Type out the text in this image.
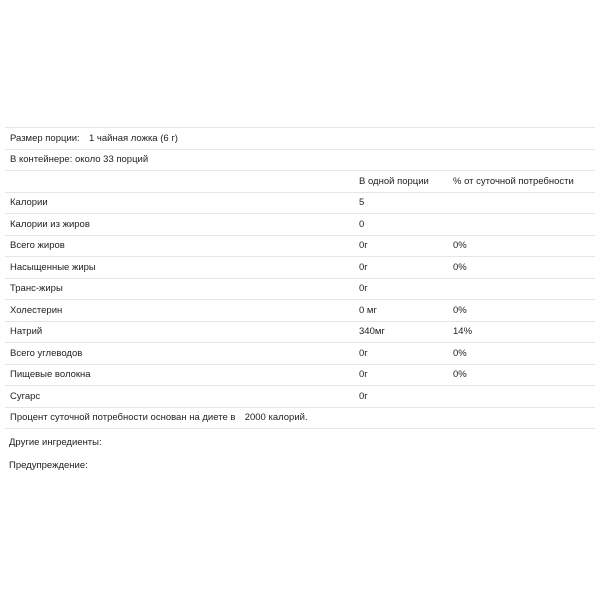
Размер порции: 1 чайная ложка (6 г)		
В контейнере: около 33 порций		
	В одной порции	% от суточной потребности
Калории	5	
Калории из жиров	0	
Всего жиров	0г	0%
Насыщенные жиры	0г	0%
Транс-жиры	0г	
Холестерин	0 мг	0%
Натрий	340мг	14%
Всего углеводов	0г	0%
Пищевые волокна	0г	0%
Сугарс	0г	
Процент суточной потребности основан на диете в 2000 калорий.		
Другие ингредиенты:
Предупреждение:
